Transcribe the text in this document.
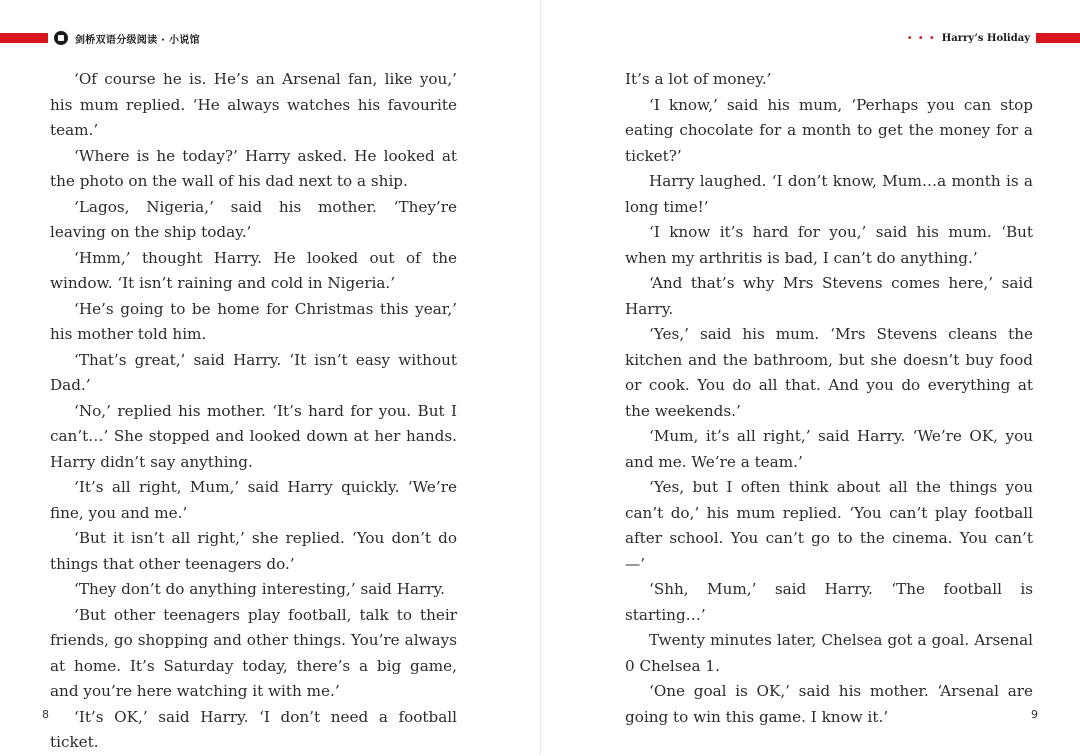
剑桥双语分级阅读 · 小说馆

‘Of course he is. He’s an Arsenal fan, like you,’ his mum replied. ‘He always watches his favourite team.’

‘Where is he today?’ Harry asked. He looked at the photo on the wall of his dad next to a ship.

‘Lagos, Nigeria,’ said his mother. ‘They’re leaving on the ship today.’

‘Hmm,’ thought Harry. He looked out of the window. ‘It isn’t raining and cold in Nigeria.’

‘He’s going to be home for Christmas this year,’ his mother told him.

‘That’s great,’ said Harry. ‘It isn’t easy without Dad.’

‘No,’ replied his mother. ‘It’s hard for you. But I can’t…’ She stopped and looked down at her hands. Harry didn’t say anything.

‘It’s all right, Mum,’ said Harry quickly. ‘We’re fine, you and me.’

‘But it isn’t all right,’ she replied. ‘You don’t do things that other teenagers do.’

‘They don’t do anything interesting,’ said Harry.

‘But other teenagers play football, talk to their friends, go shopping and other things. You’re always at home. It’s Saturday today, there’s a big game, and you’re here watching it with me.’

‘It’s OK,’ said Harry. ‘I don’t need a football ticket.

8
• • • Harry’s Holiday

It’s a lot of money.’

‘I know,’ said his mum, ‘Perhaps you can stop eating chocolate for a month to get the money for a ticket?’

Harry laughed. ‘I don’t know, Mum…a month is a long time!’

‘I know it’s hard for you,’ said his mum. ‘But when my arthritis is bad, I can’t do anything.’

‘And that’s why Mrs Stevens comes here,’ said Harry.

‘Yes,’ said his mum. ‘Mrs Stevens cleans the kitchen and the bathroom, but she doesn’t buy food or cook. You do all that. And you do everything at the weekends.’

‘Mum, it’s all right,’ said Harry. ‘We’re OK, you and me. We’re a team.’

‘Yes, but I often think about all the things you can’t do,’ his mum replied. ‘You can’t play football after school. You can’t go to the cinema. You can’t —’

‘Shh, Mum,’ said Harry. ‘The football is starting…’

Twenty minutes later, Chelsea got a goal. Arsenal 0 Chelsea 1.

‘One goal is OK,’ said his mother. ‘Arsenal are going to win this game. I know it.’	9
